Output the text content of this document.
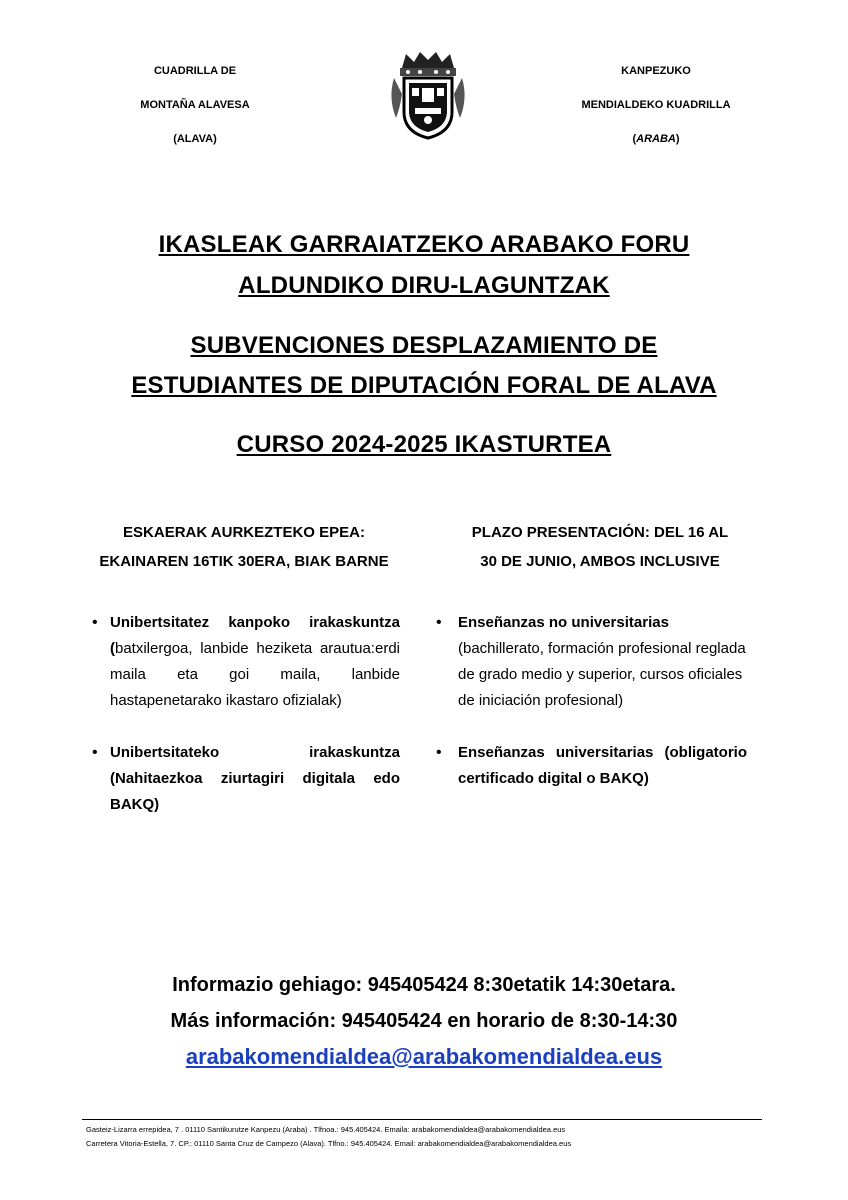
CUADRILLA DE
MONTAÑA ALAVESA
(ALAVA)
KANPEZUKO
MENDIALDEKO KUADRILLA
(ARABA)
IKASLEAK GARRAIATZEKO ARABAKO FORU
ALDUNDIKO DIRU-LAGUNTZAK
SUBVENCIONES DESPLAZAMIENTO DE
ESTUDIANTES DE DIPUTACIÓN FORAL DE ALAVA
CURSO 2024-2025 IKASTURTEA
ESKAERAK AURKEZTEKO EPEA:
EKAINAREN 16TIK 30ERA, BIAK BARNE
• Unibertsitatez kanpoko irakaskuntza (batxilergoa, lanbide heziketa arautua:erdi maila eta goi maila, lanbide hastapenetarako ikastaro ofizialak)
• Unibertsitateko irakaskuntza (Nahitaezkoa ziurtagiri digitala edo BAKQ)
PLAZO PRESENTACIÓN: DEL 16 AL
30 DE JUNIO, AMBOS INCLUSIVE
• Enseñanzas no universitarias
(bachillerato, formación profesional reglada de grado medio y superior, cursos oficiales de iniciación profesional)
• Enseñanzas universitarias (obligatorio certificado digital o BAKQ)
Informazio gehiago: 945405424 8:30etatik 14:30etara.
Más información: 945405424 en horario de 8:30-14:30
arabakomendialdea@arabakomendialdea.eus
Gasteiz-Lizarra errepidea, 7 . 01110 Santikurutze Kanpezu (Araba) . Tlfnoa.: 945.405424. Emaila: arabakomendialdea@arabakomendialdea.eus
Carretera Vitoria-Estella, 7. CP.: 01110 Santa Cruz de Campezo (Alava). Tlfno.: 945.405424. Email: arabakomendialdea@arabakomendialdea.eus
